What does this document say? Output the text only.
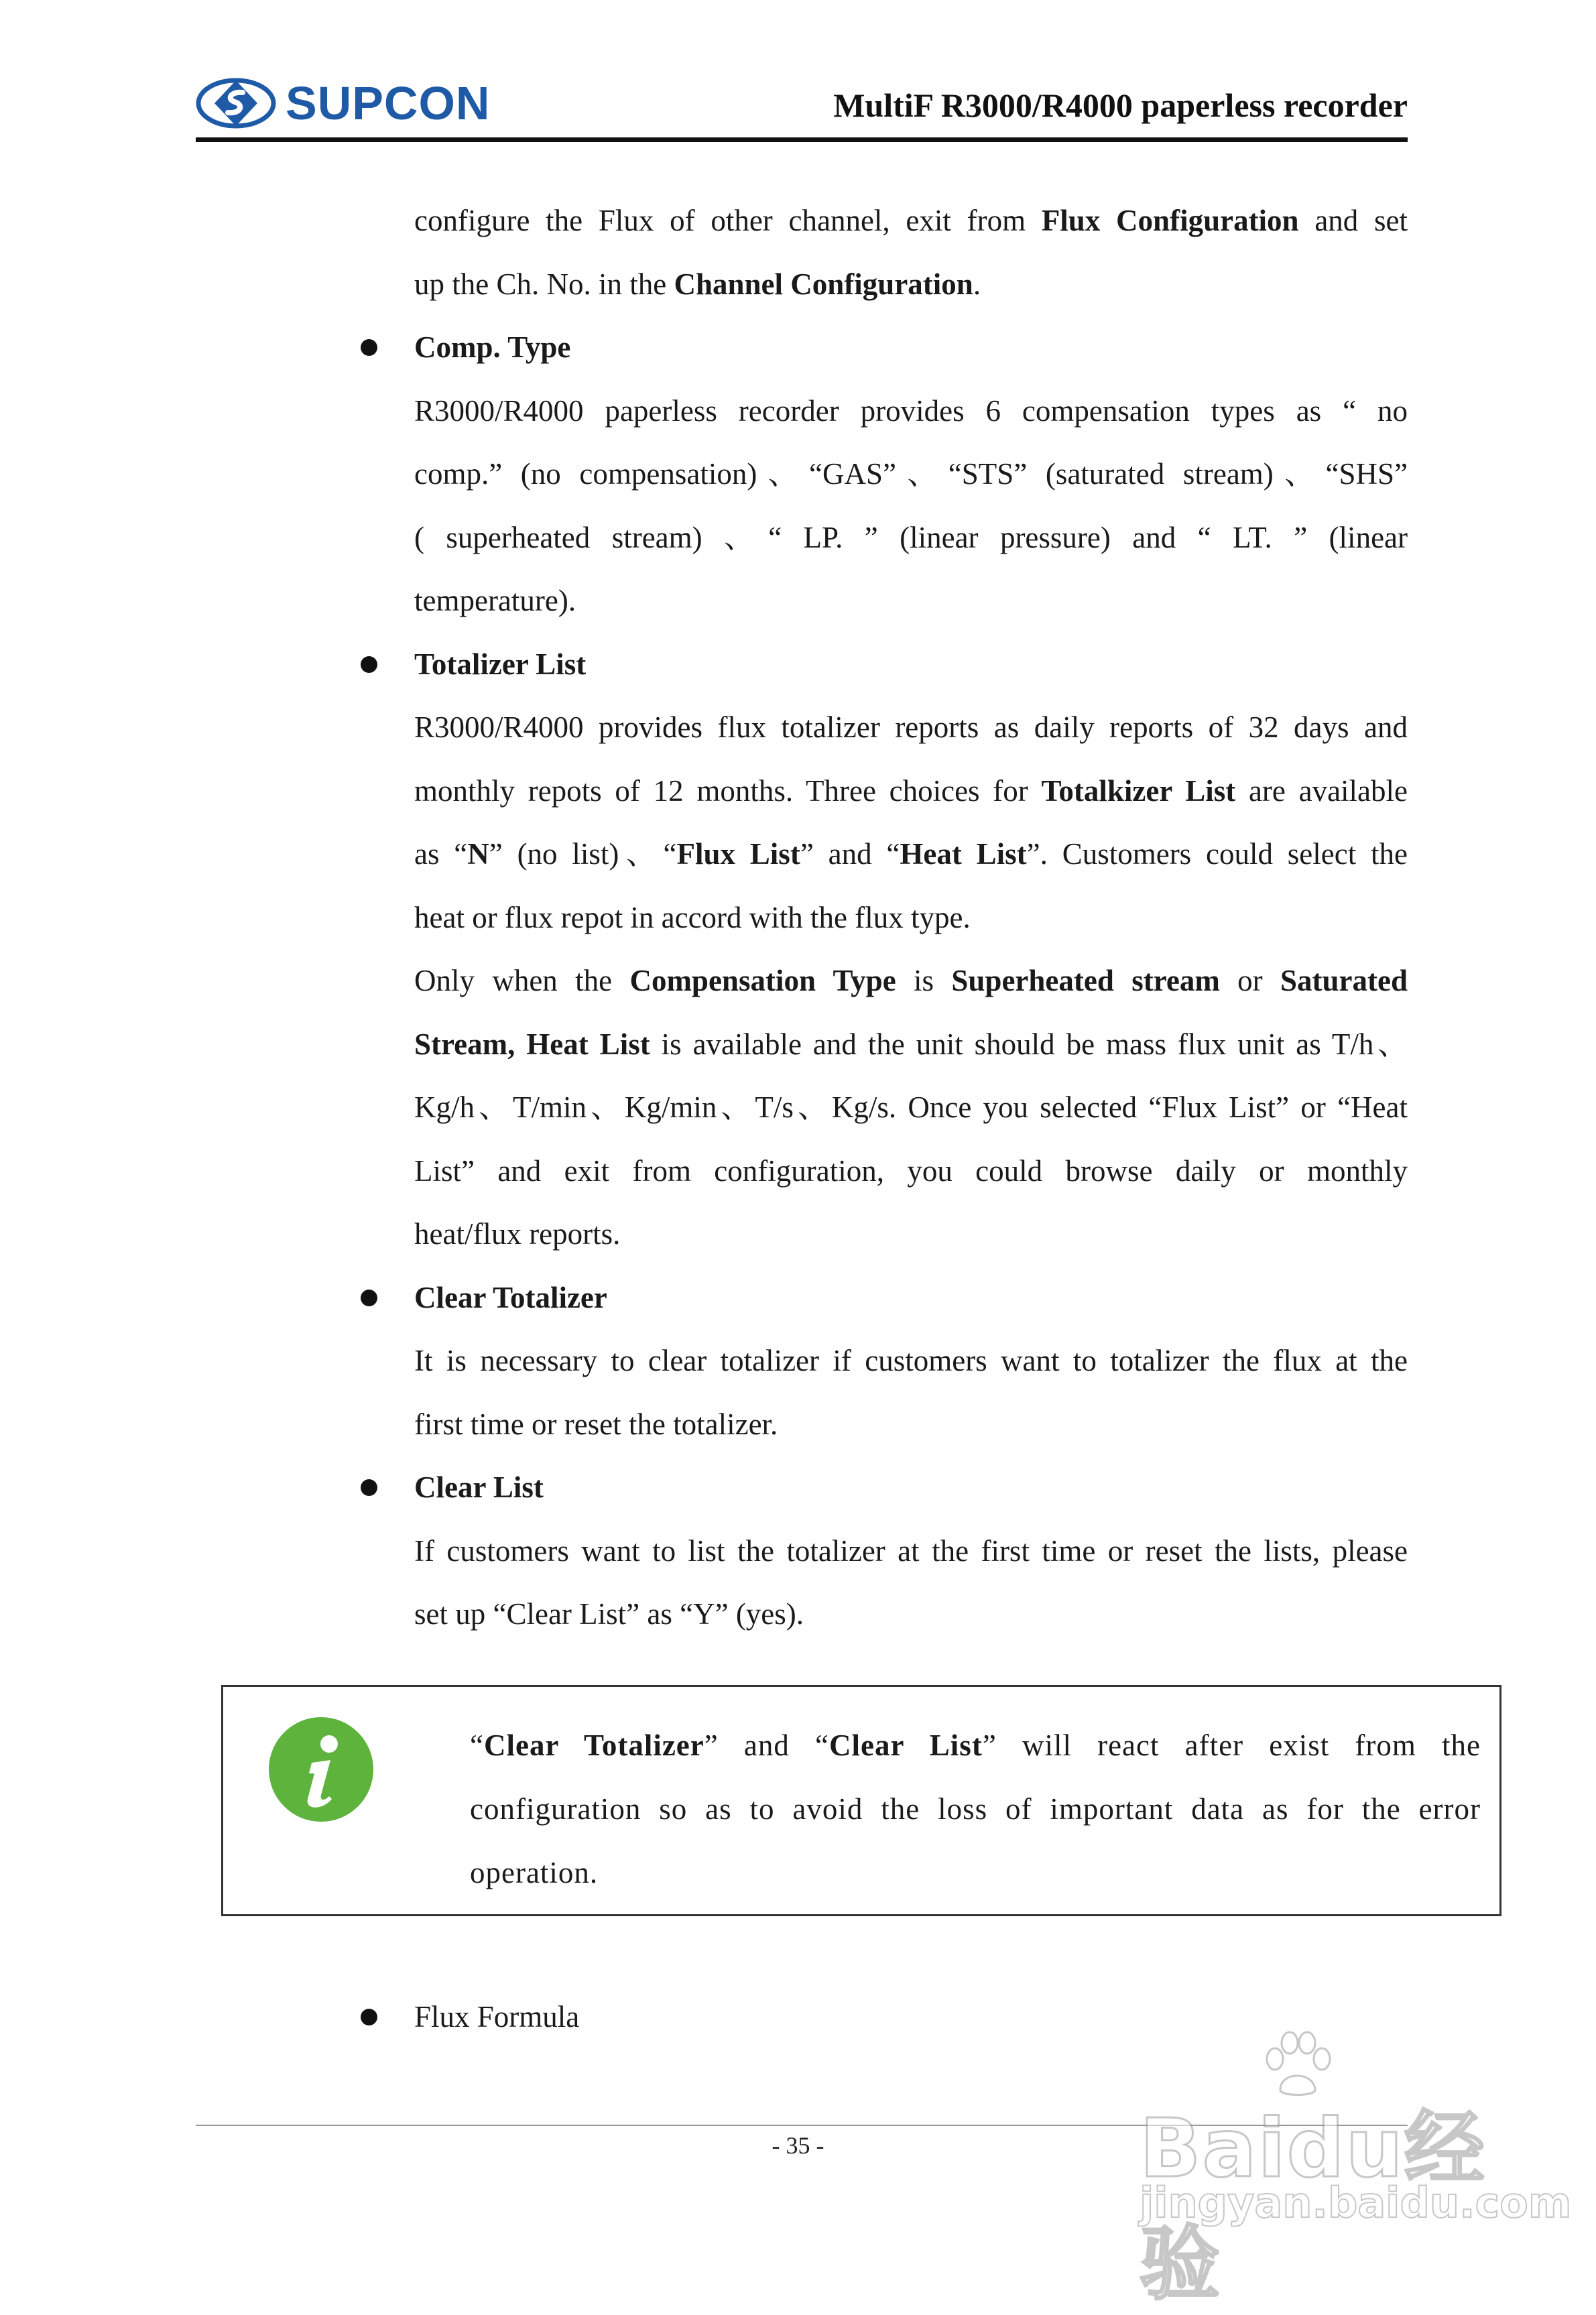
SUPCON	MultiF R3000/R4000 paperless recorder
configure the Flux of other channel, exit from Flux Configuration and set
up the Ch. No. in the Channel Configuration.
Comp. Type
R3000/R4000 paperless recorder provides 6 compensation types as “ no
comp.” (no compensation)、“GAS”、“STS” (saturated stream)、“SHS”
( superheated stream) 、“ LP. ” (linear pressure) and “ LT. ” (linear
temperature).
Totalizer List
R3000/R4000 provides flux totalizer reports as daily reports of 32 days and
monthly repots of 12 months. Three choices for Totalkizer List are available
as “N” (no list)、“Flux List” and “Heat List”. Customers could select the
heat or flux repot in accord with the flux type.
Only when the Compensation Type is Superheated stream or Saturated
Stream, Heat List is available and the unit should be mass flux unit as T/h、
Kg/h、T/min、Kg/min、T/s、Kg/s. Once you selected “Flux List” or “Heat
List” and exit from configuration, you could browse daily or monthly
heat/flux reports.
Clear Totalizer
It is necessary to clear totalizer if customers want to totalizer the flux at the
first time or reset the totalizer.
Clear List
If customers want to list the totalizer at the first time or reset the lists, please
set up “Clear List” as “Y” (yes).
“Clear Totalizer” and “Clear List” will react after exist from the
configuration so as to avoid the loss of important data as for the error
operation.
Flux Formula
- 35 -	Baidu经验
jingyan.baidu.com
